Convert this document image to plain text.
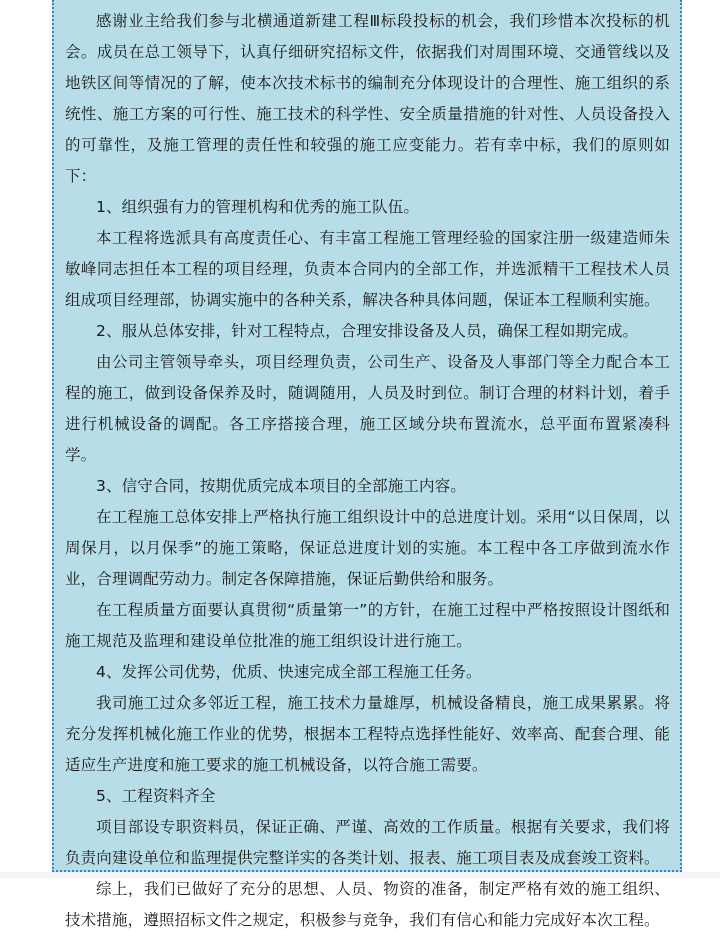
感谢业主给我们参与北横通道新建工程Ⅲ标段投标的机会，我们珍惜本次投标的机会。成员在总工领导下，认真仔细研究招标文件，依据我们对周围环境、交通管线以及地铁区间等情况的了解，使本次技术标书的编制充分体现设计的合理性、施工组织的系统性、施工方案的可行性、施工技术的科学性、安全质量措施的针对性、人员设备投入的可靠性，及施工管理的责任性和较强的施工应变能力。若有幸中标，我们的原则如下：

1、组织强有力的管理机构和优秀的施工队伍。

本工程将选派具有高度责任心、有丰富工程施工管理经验的国家注册一级建造师朱敏峰同志担任本工程的项目经理，负责本合同内的全部工作，并选派精干工程技术人员组成项目经理部，协调实施中的各种关系，解决各种具体问题，保证本工程顺利实施。

2、服从总体安排，针对工程特点，合理安排设备及人员，确保工程如期完成。

由公司主管领导牵头，项目经理负责，公司生产、设备及人事部门等全力配合本工程的施工，做到设备保养及时，随调随用，人员及时到位。制订合理的材料计划，着手进行机械设备的调配。各工序搭接合理，施工区域分块布置流水，总平面布置紧凑科学。

3、信守合同，按期优质完成本项目的全部施工内容。

在工程施工总体安排上严格执行施工组织设计中的总进度计划。采用“以日保周，以周保月，以月保季”的施工策略，保证总进度计划的实施。本工程中各工序做到流水作业，合理调配劳动力。制定各保障措施，保证后勤供给和服务。

在工程质量方面要认真贯彻“质量第一”的方针，在施工过程中严格按照设计图纸和施工规范及监理和建设单位批准的施工组织设计进行施工。

4、发挥公司优势，优质、快速完成全部工程施工任务。

我司施工过众多邻近工程，施工技术力量雄厚，机械设备精良，施工成果累累。将充分发挥机械化施工作业的优势，根据本工程特点选择性能好、效率高、配套合理、能适应生产进度和施工要求的施工机械设备，以符合施工需要。

5、工程资料齐全

项目部设专职资料员，保证正确、严谨、高效的工作质量。根据有关要求，我们将负责向建设单位和监理提供完整详实的各类计划、报表、施工项目表及成套竣工资料。

综上，我们已做好了充分的思想、人员、物资的准备，制定严格有效的施工组织、技术措施，遵照招标文件之规定，积极参与竞争，我们有信心和能力完成好本次工程。
